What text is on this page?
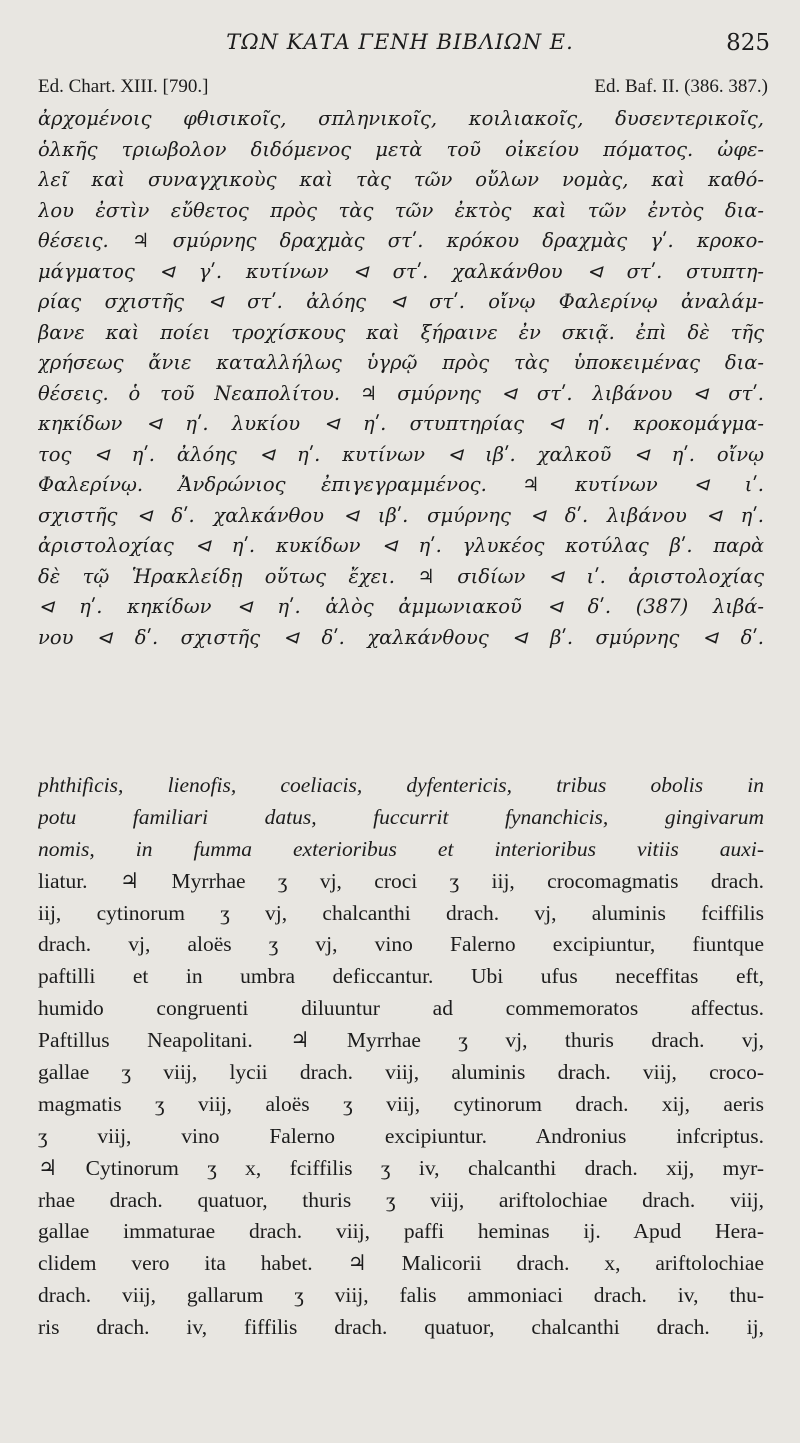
ΤΩΝ ΚΑΤΑ ΓΕΝΗ ΒΙΒΛΙΩΝ Ε.	825
Ed. Chart. XIII. [790.]	Ed. Baf. II. (386. 387.)
ἀρχομένοις φθισικοῖς, σπληνικοῖς, κοιλιακοῖς, δυσεντερικοῖς,
ὁλκῆς τριωβολον διδόμενος μετὰ τοῦ οἰκείου πόματος. ὠφε-
λεῖ καὶ συναγχικοὺς καὶ τὰς τῶν οὔλων νομὰς, καὶ καθό-
λου ἐστὶν εὔθετος πρὸς τὰς τῶν ἐκτὸς καὶ τῶν ἐντὸς δια-
θέσεις. ♃ σμύρνης δραχμὰς στʹ. κρόκου δραχμὰς γʹ. κροκο-
μάγματος ⊲ γʹ. κυτίνων ⊲ στʹ. χαλκάνθου ⊲ στʹ. στυπτη-
ρίας σχιστῆς ⊲ στʹ. ἀλόης ⊲ στʹ. οἴνῳ Φαλερίνῳ ἀναλάμ-
βανε καὶ ποίει τροχίσκους καὶ ξήραινε ἐν σκιᾷ. ἐπὶ δὲ τῆς
χρήσεως ἄνιε καταλλήλως ὑγρῷ πρὸς τὰς ὑποκειμένας δια-
θέσεις. ὁ τοῦ Νεαπολίτου. ♃ σμύρνης ⊲ στʹ. λιβάνου ⊲ στʹ.
κηκίδων ⊲ ηʹ. λυκίου ⊲ ηʹ. στυπτηρίας ⊲ ηʹ. κροκομάγμα-
τος ⊲ ηʹ. ἀλόης ⊲ ηʹ. κυτίνων ⊲ ιβʹ. χαλκοῦ ⊲ ηʹ. οἴνῳ
Φαλερίνῳ. Ἀνδρώνιος ἐπιγεγραμμένος. ♃ κυτίνων ⊲ ιʹ.
σχιστῆς ⊲ δʹ. χαλκάνθου ⊲ ιβʹ. σμύρνης ⊲ δʹ. λιβάνου ⊲ ηʹ.
ἀριστολοχίας ⊲ ηʹ. κυκίδων ⊲ ηʹ. γλυκέος κοτύλας βʹ. παρὰ
δὲ τῷ Ἡρακλείδῃ οὕτως ἔχει. ♃ σιδίων ⊲ ιʹ. ἀριστολοχίας
⊲ ηʹ. κηκίδων ⊲ ηʹ. ἁλὸς ἀμμωνιακοῦ ⊲ δʹ. (387) λιβά-
νου ⊲ δʹ. σχιστῆς ⊲ δʹ. χαλκάνθους ⊲ βʹ. σμύρνης ⊲ δʹ.
phthifìcis, lienofis, coeliacis, dyfentericis, tribus obolis in
potu familiari datus, fuccurrit fynanchicis, gingivarum
nomis, in fumma exterioribus et interioribus vitiis auxi-
liatur. ♃ Myrrhae ʒ vj, croci ʒ iij, crocomagmatis drach.
iij, cytinorum ʒ vj, chalcanthi drach. vj, aluminis fciffilis
drach. vj, aloës ʒ vj, vino Falerno excipiuntur, fiuntque
paftilli et in umbra deficcantur. Ubi ufus neceffitas eft,
humido congruenti diluuntur ad commemoratos affectus.
Paftillus Neapolitani. ♃ Myrrhae ʒ vj, thuris drach. vj,
gallae ʒ viij, lycii drach. viij, aluminis drach. viij, croco-
magmatis ʒ viij, aloës ʒ viij, cytinorum drach. xij, aeris
ʒ viij, vino Falerno excipiuntur. Andronius infcriptus.
♃ Cytinorum ʒ x, fciffilis ʒ iv, chalcanthi drach. xij, myr-
rhae drach. quatuor, thuris ʒ viij, ariftolochiae drach. viij,
gallae immaturae drach. viij, paffi heminas ij. Apud Hera-
clidem vero ita habet. ♃ Malicorii drach. x, ariftolochiae
drach. viij, gallarum ʒ viij, falis ammoniaci drach. iv, thu-
ris drach. iv, fiffilis drach. quatuor, chalcanthi drach. ij,
